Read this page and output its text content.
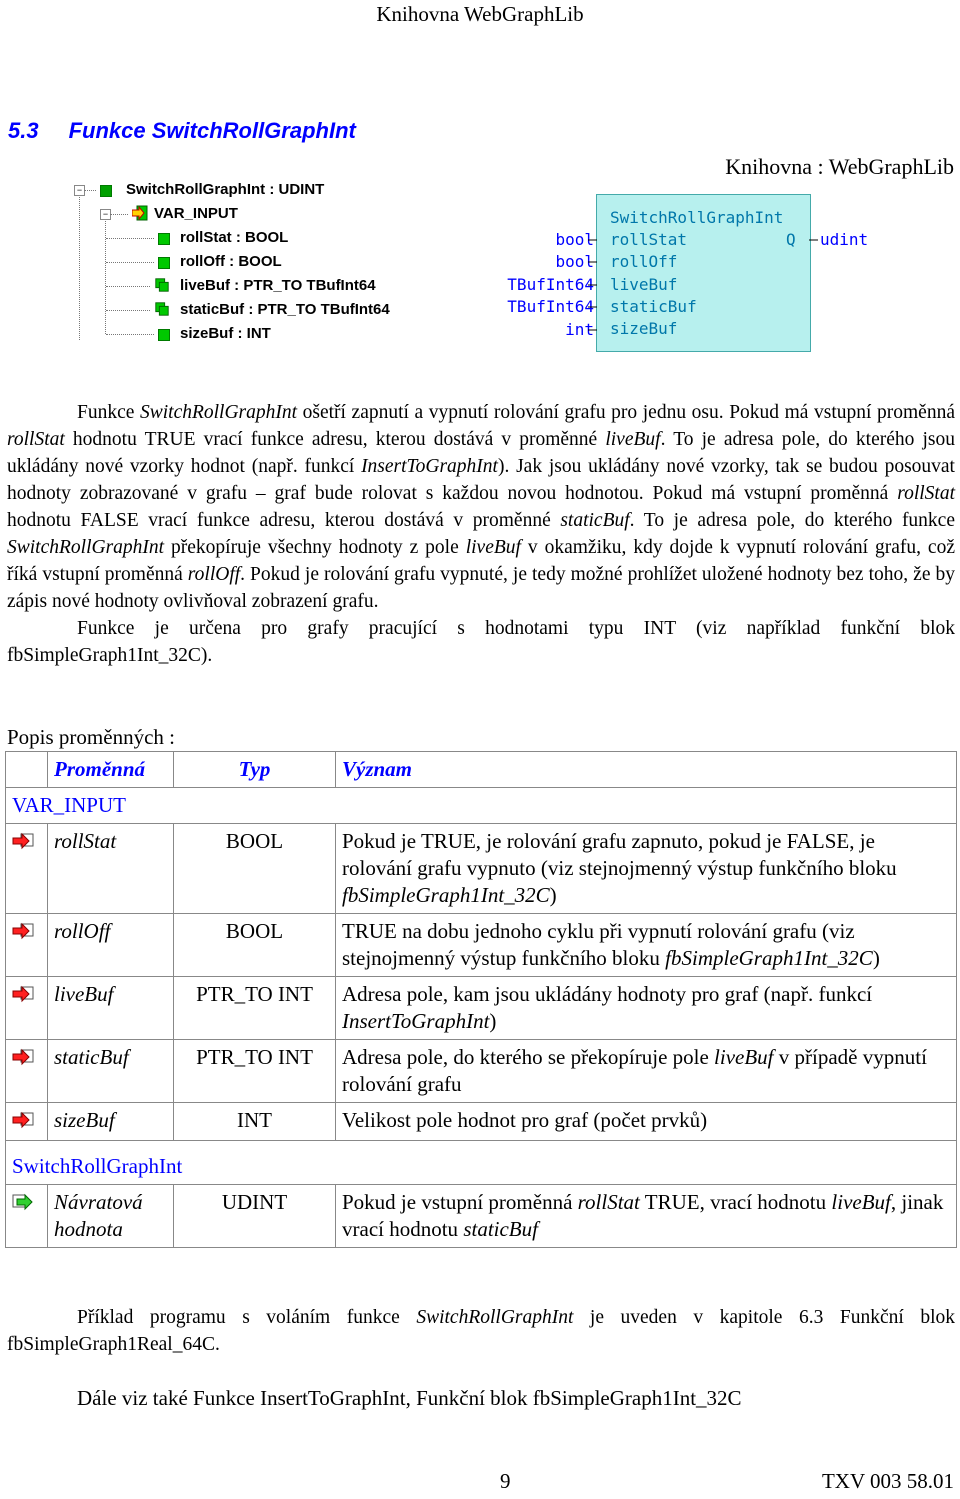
Knihovna WebGraphLib
5.3 Funkce SwitchRollGraphInt
Knihovna : WebGraphLib
−	SwitchRollGraphInt : UDINT
−	VAR_INPUT
rollStat : BOOL
rollOff : BOOL
liveBuf : PTR_TO TBufInt64
staticBuf : PTR_TO TBufInt64
sizeBuf : INT
SwitchRollGraphInt
rollStat	Q
rollOff
liveBuf
staticBuf
sizeBuf
bool
bool
TBufInt64
TBufInt64
int
udint

Funkce SwitchRollGraphInt ošetří zapnutí a vypnutí rolování grafu pro jednu osu. Pokud má vstupní proměnná rollStat hodnotu TRUE vrací funkce adresu, kterou dostává v proměnné liveBuf. To je adresa pole, do kterého jsou ukládány nové vzorky hodnot (např. funkcí InsertToGraphInt). Jak jsou ukládány nové vzorky, tak se budou posouvat hodnoty zobrazované v grafu – graf bude rolovat s každou novou hodnotou. Pokud má vstupní proměnná rollStat hodnotu FALSE vrací funkce adresu, kterou dostává v proměnné staticBuf. To je adresa pole, do kterého funkce SwitchRollGraphInt překopíruje všechny hodnoty z pole liveBuf v okamžiku, kdy dojde k vypnutí rolování grafu, což říká vstupní proměnná rollOff. Pokud je rolování grafu vypnuté, je tedy možné prohlížet uložené hodnoty bez toho, že by zápis nové hodnoty ovlivňoval zobrazení grafu.

Funkce je určena pro grafy pracující s hodnotami typu INT (viz například funkční blok fbSimpleGraph1Int_32C).

Popis proměnných :
	Proměnná	Typ	Význam
VAR_INPUT			
	rollStat	BOOL	Pokud je TRUE, je rolování grafu zapnuto, pokud je FALSE, je rolování grafu vypnuto (viz stejnojmenný výstup funkčního bloku fbSimpleGraph1Int_32C)
	rollOff	BOOL	TRUE na dobu jednoho cyklu při vypnutí rolování grafu (viz stejnojmenný výstup funkčního bloku fbSimpleGraph1Int_32C)
	liveBuf	PTR_TO INT	Adresa pole, kam jsou ukládány hodnoty pro graf (např. funkcí InsertToGraphInt)
	staticBuf	PTR_TO INT	Adresa pole, do kterého se překopíruje pole liveBuf v případě vypnutí rolování grafu
	sizeBuf	INT	Velikost pole hodnot pro graf (počet prvků)
SwitchRollGraphInt			
	Návratová hodnota	UDINT	Pokud je vstupní proměnná rollStat TRUE, vrací hodnotu liveBuf, jinak vrací hodnotu staticBuf

Příklad programu s voláním funkce SwitchRollGraphInt je uveden v kapitole 6.3 Funkční blok fbSimpleGraph1Real_64C.

Dále viz také Funkce InsertToGraphInt, Funkční blok fbSimpleGraph1Int_32C
9	TXV 003 58.01
